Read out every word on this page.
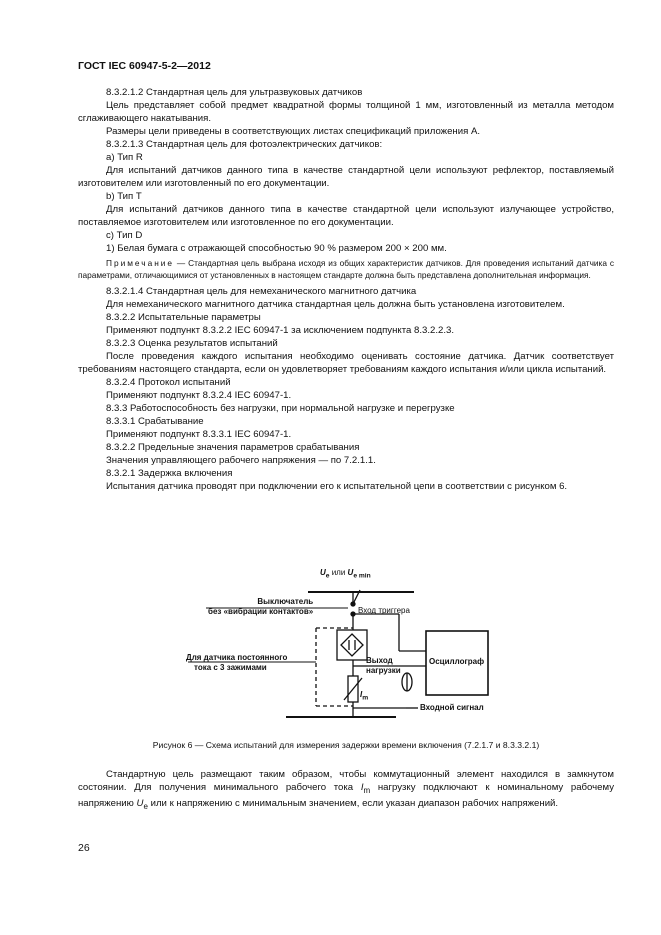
ГОСТ IEC 60947-5-2—2012

8.3.2.1.2 Стандартная цель для ультразвуковых датчиков

Цель представляет собой предмет квадратной формы толщиной 1 мм, изготовленный из металла методом сглаживающего накатывания.

Размеры цели приведены в соответствующих листах спецификаций приложения А.

8.3.2.1.3 Стандартная цель для фотоэлектрических датчиков:

а) Тип R

Для испытаний датчиков данного типа в качестве стандартной цели используют рефлектор, поставляемый изготовителем или изготовленный по его документации.

b) Тип Т

Для испытаний датчиков данного типа в качестве стандартной цели используют излучающее устройство, поставляемое изготовителем или изготовленное по его документации.

с) Тип D

1) Белая бумага с отражающей способностью 90 % размером 200 × 200 мм.

Примечание — Стандартная цель выбрана исходя из общих характеристик датчиков. Для проведения испытаний датчика с параметрами, отличающимися от установленных в настоящем стандарте должна быть представлена дополнительная информация.

8.3.2.1.4 Стандартная цель для немеханического магнитного датчика

Для немеханического магнитного датчика стандартная цель должна быть установлена изготовителем.

8.3.2.2 Испытательные параметры

Применяют подпункт 8.3.2.2 IEC 60947-1 за исключением подпункта 8.3.2.2.3.

8.3.2.3 Оценка результатов испытаний

После проведения каждого испытания необходимо оценивать состояние датчика. Датчик соответствует требованиям настоящего стандарта, если он удовлетворяет требованиям каждого испытания и/или цикла испытаний.

8.3.2.4 Протокол испытаний

Применяют подпункт 8.3.2.4 IEC 60947-1.

8.3.3 Работоспособность без нагрузки, при нормальной нагрузке и перегрузке

8.3.3.1 Срабатывание

Применяют подпункт 8.3.3.1 IEC 60947-1.

8.3.2.2 Предельные значения параметров срабатывания

Значения управляющего рабочего напряжения — по 7.2.1.1.

8.3.2.1 Задержка включения

Испытания датчика проводят при подключении его к испытательной цепи в соответствии с рисунком 6.

$U_e$ или $U_{e min}$
Выключатель
без «вибрации контактов»	Вход триггера
Для датчика постоянного
тока с 3 зажимами
Выход
нагрузки
$I_m$
Осциллограф
Входной сигнал
Рисунок 6 — Схема испытаний для измерения задержки времени включения (7.2.1.7 и 8.3.3.2.1)

Стандартную цель размещают таким образом, чтобы коммутационный элемент находился в замкнутом состоянии. Для получения минимального рабочего тока $I_m$ нагрузку подключают к номинальному рабочему напряжению $U_e$ или к напряжению с минимальным значением, если указан диапазон рабочих напряжений.

26
